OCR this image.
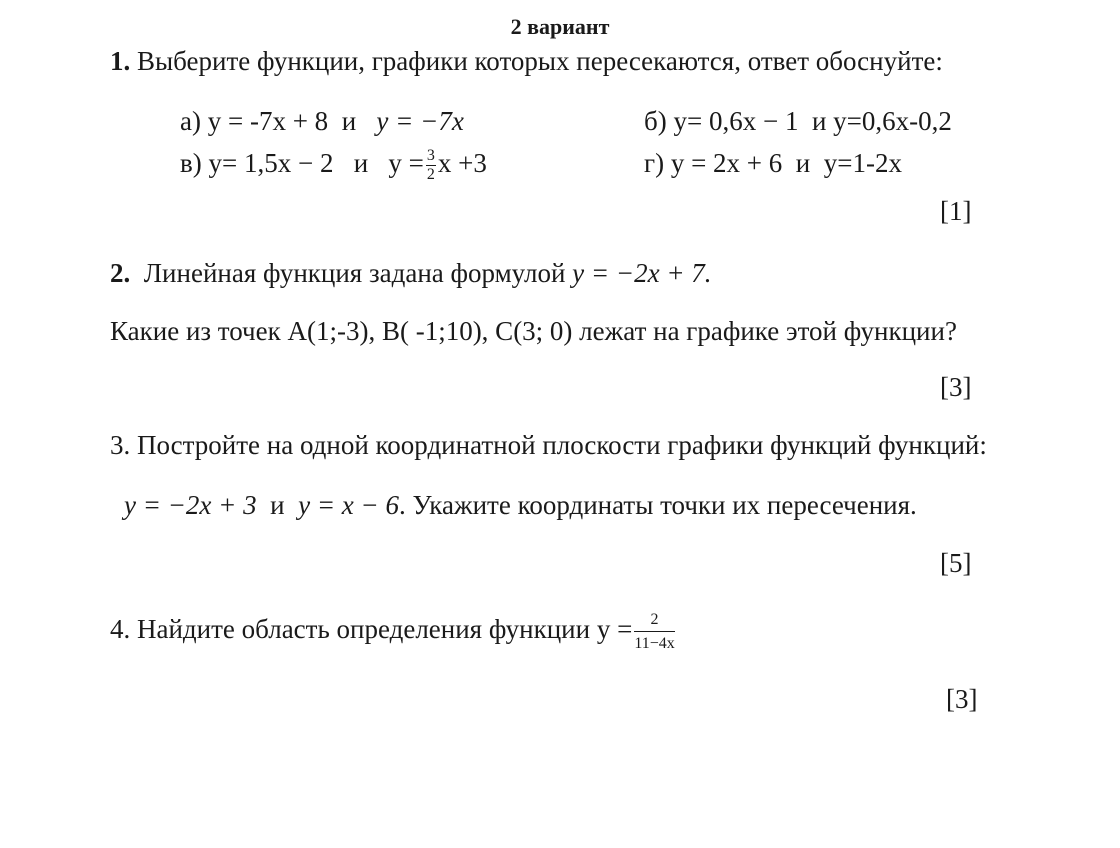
2 вариант
1. Выберите функции, графики которых пересекаются, ответ обоснуйте:
а) y = -7x + 8 и y = −7x	б) y= 0,6x − 1 и y=0,6x-0,2
в) y= 1,5x − 2 и $y = \frac{3}{2}$ x +3	г) y = 2x + 6 и y=1-2x
[1]
2. Линейная функция задана формулой y = −2x + 7.
Какие из точек A(1;-3), B( -1;10), C(3; 0) лежат на графике этой функции?
[3]
3. Постройте на одной координатной плоскости графики функций функций:
y = −2x + 3 и y = x − 6. Укажите координаты точки их пересечения.
[5]
4. Найдите область определения функции $y = \frac{2}{11-4x}$
[3]
